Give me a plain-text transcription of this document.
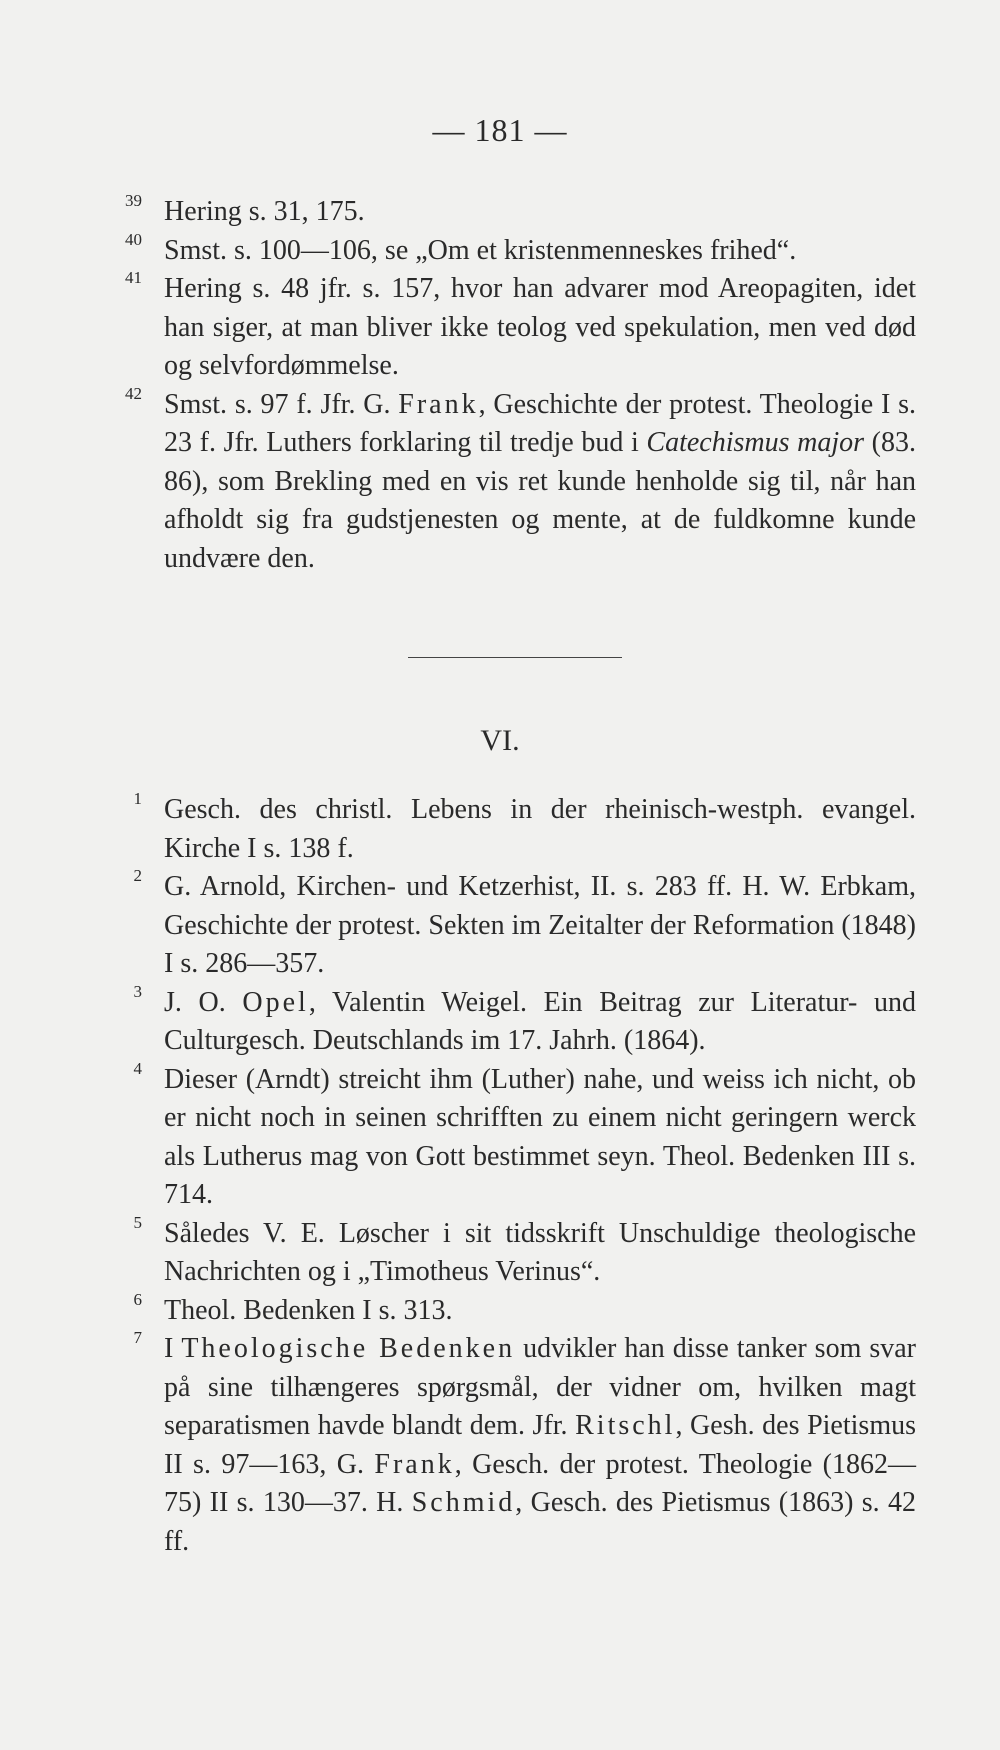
— 181 —
39 Hering s. 31, 175.
40 Smst. s. 100—106, se „Om et kristenmenneskes frihed“.
41 Hering s. 48 jfr. s. 157, hvor han advarer mod Areopagiten, idet han siger, at man bliver ikke teolog ved spekulation, men ved død og selvfordømmelse.
42 Smst. s. 97 f. Jfr. G. Frank, Geschichte der protest. Theologie I s. 23 f. Jfr. Luthers forklaring til tredje bud i Catechismus major (83. 86), som Brekling med en vis ret kunde henholde sig til, når han afholdt sig fra gudstjenesten og mente, at de fuldkomne kunde undvære den.
VI.
1 Gesch. des christl. Lebens in der rheinisch-westph. evangel. Kirche I s. 138 f.
2 G. Arnold, Kirchen- und Ketzerhist, II. s. 283 ff. H. W. Erbkam, Geschichte der protest. Sekten im Zeitalter der Reformation (1848) I s. 286—357.
3 J. O. Opel, Valentin Weigel. Ein Beitrag zur Literatur- und Culturgesch. Deutschlands im 17. Jahrh. (1864).
4 Dieser (Arndt) streicht ihm (Luther) nahe, und weiss ich nicht, ob er nicht noch in seinen schrifften zu einem nicht geringern werck als Lutherus mag von Gott bestimmet seyn. Theol. Bedenken III s. 714.
5 Således V. E. Løscher i sit tidsskrift Unschuldige theologische Nachrichten og i „Timotheus Verinus“.
6 Theol. Bedenken I s. 313.
7 I Theologische Bedenken udvikler han disse tanker som svar på sine tilhængeres spørgsmål, der vidner om, hvilken magt separatismen havde blandt dem. Jfr. Ritschl, Gesh. des Pietismus II s. 97—163, G. Frank, Gesch. der protest. Theologie (1862—75) II s. 130—37. H. Schmid, Gesch. des Pietismus (1863) s. 42 ff.
